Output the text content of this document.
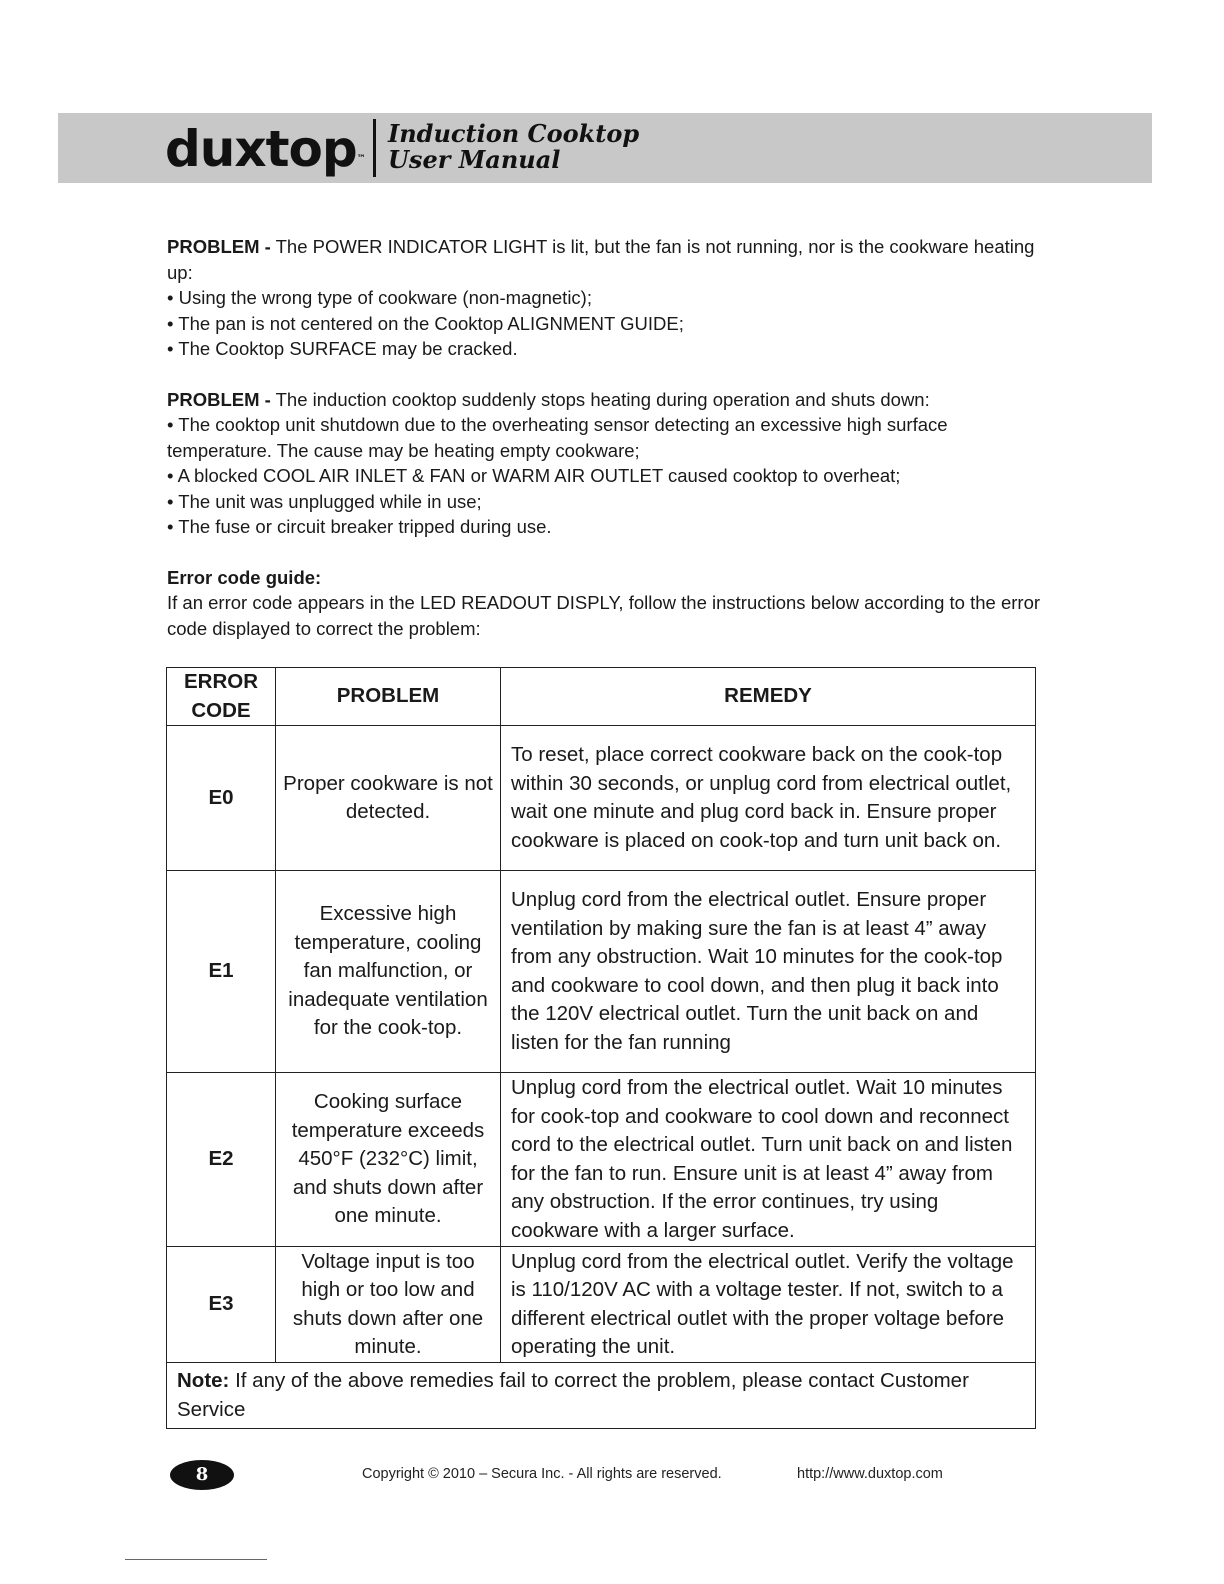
duxtop™
Induction Cooktop
User Manual

PROBLEM - The POWER INDICATOR LIGHT is lit, but the fan is not running, nor is the cookware heating up:

• Using the wrong type of cookware (non-magnetic);

• The pan is not centered on the Cooktop ALIGNMENT GUIDE;

• The Cooktop SURFACE may be cracked.

PROBLEM - The induction cooktop suddenly stops heating during operation and shuts down:

• The cooktop unit shutdown due to the overheating sensor detecting an excessive high surface temperature. The cause may be heating empty cookware;

• A blocked COOL AIR INLET & FAN or WARM AIR OUTLET caused cooktop to overheat;

• The unit was unplugged while in use;

• The fuse or circuit breaker tripped during use.

Error code guide:

If an error code appears in the LED READOUT DISPLY, follow the instructions below according to the error code displayed to correct the problem:

ERROR
CODE	PROBLEM	REMEDY
E0	Proper cookware is not detected.	To reset, place correct cookware back on the cook-top within 30 seconds, or unplug cord from electrical outlet, wait one minute and plug cord back in. Ensure proper cookware is placed on cook-top and turn unit back on.
E1	Excessive high temperature, cooling fan malfunction, or inadequate ventilation for the cook-top.	Unplug cord from the electrical outlet. Ensure proper ventilation by making sure the fan is at least 4” away from any obstruction. Wait 10 minutes for the cook-top and cookware to cool down, and then plug it back into the 120V electrical outlet. Turn the unit back on and listen for the fan running
E2	Cooking surface temperature exceeds 450°F (232°C) limit, and shuts down after one minute.	Unplug cord from the electrical outlet. Wait 10 minutes for cook-top and cookware to cool down and reconnect cord to the electrical outlet. Turn unit back on and listen for the fan to run. Ensure unit is at least 4” away from any obstruction. If the error continues, try using cookware with a larger surface.
E3	Voltage input is too high or too low and shuts down after one minute.	Unplug cord from the electrical outlet. Verify the voltage is 110/120V AC with a voltage tester. If not, switch to a different electrical outlet with the proper voltage before operating the unit.
Note: If any of the above remedies fail to correct the problem, please contact Customer Service		
8	Copyright © 2010 – Secura Inc. - All rights are reserved.	http://www.duxtop.com
